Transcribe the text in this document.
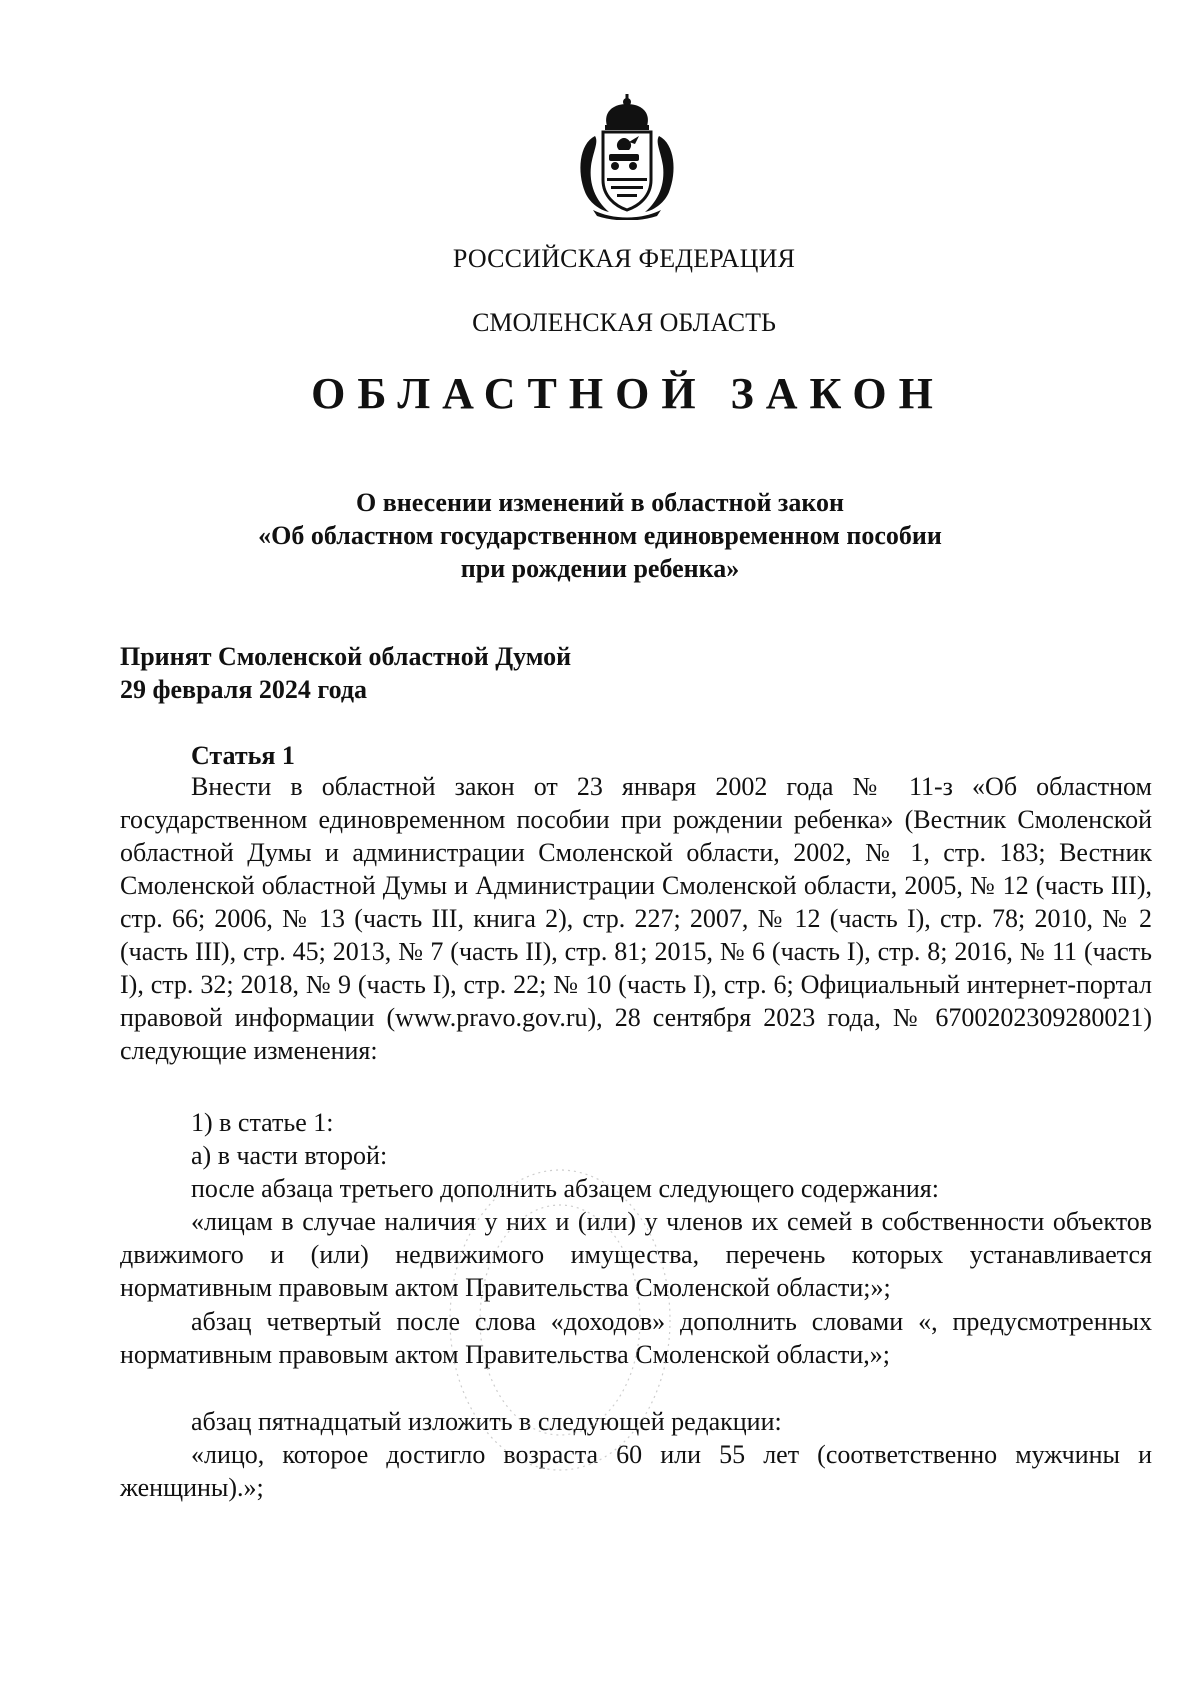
РОССИЙСКАЯ ФЕДЕРАЦИЯ
СМОЛЕНСКАЯ ОБЛАСТЬ
ОБЛАСТНОЙ ЗАКОН
О внесении изменений в областной закон
«Об областном государственном единовременном пособии
при рождении ребенка»
Принят Смоленской областной Думой
29 февраля 2024 года
Статья 1
Внести в областной закон от 23 января 2002 года № 11-з «Об областном государственном единовременном пособии при рождении ребенка» (Вестник Смоленской областной Думы и администрации Смоленской области, 2002, № 1, стр. 183; Вестник Смоленской областной Думы и Администрации Смоленской области, 2005, № 12 (часть III), стр. 66; 2006, № 13 (часть III, книга 2), стр. 227; 2007, № 12 (часть I), стр. 78; 2010, № 2 (часть III), стр. 45; 2013, № 7 (часть II), стр. 81; 2015, № 6 (часть I), стр. 8; 2016, № 11 (часть I), стр. 32; 2018, № 9 (часть I), стр. 22; № 10 (часть I), стр. 6; Официальный интернет-портал правовой информации (www.pravo.gov.ru), 28 сентября 2023 года, № 6700202309280021) следующие изменения:
1) в статье 1:
а) в части второй:
после абзаца третьего дополнить абзацем следующего содержания:
«лицам в случае наличия у них и (или) у членов их семей в собственности объектов движимого и (или) недвижимого имущества, перечень которых устанавливается нормативным правовым актом Правительства Смоленской области;»;
абзац четвертый после слова «доходов» дополнить словами «, предусмотренных нормативным правовым актом Правительства Смоленской области,»;
абзац пятнадцатый изложить в следующей редакции:
«лицо, которое достигло возраста 60 или 55 лет (соответственно мужчины и женщины).»;
